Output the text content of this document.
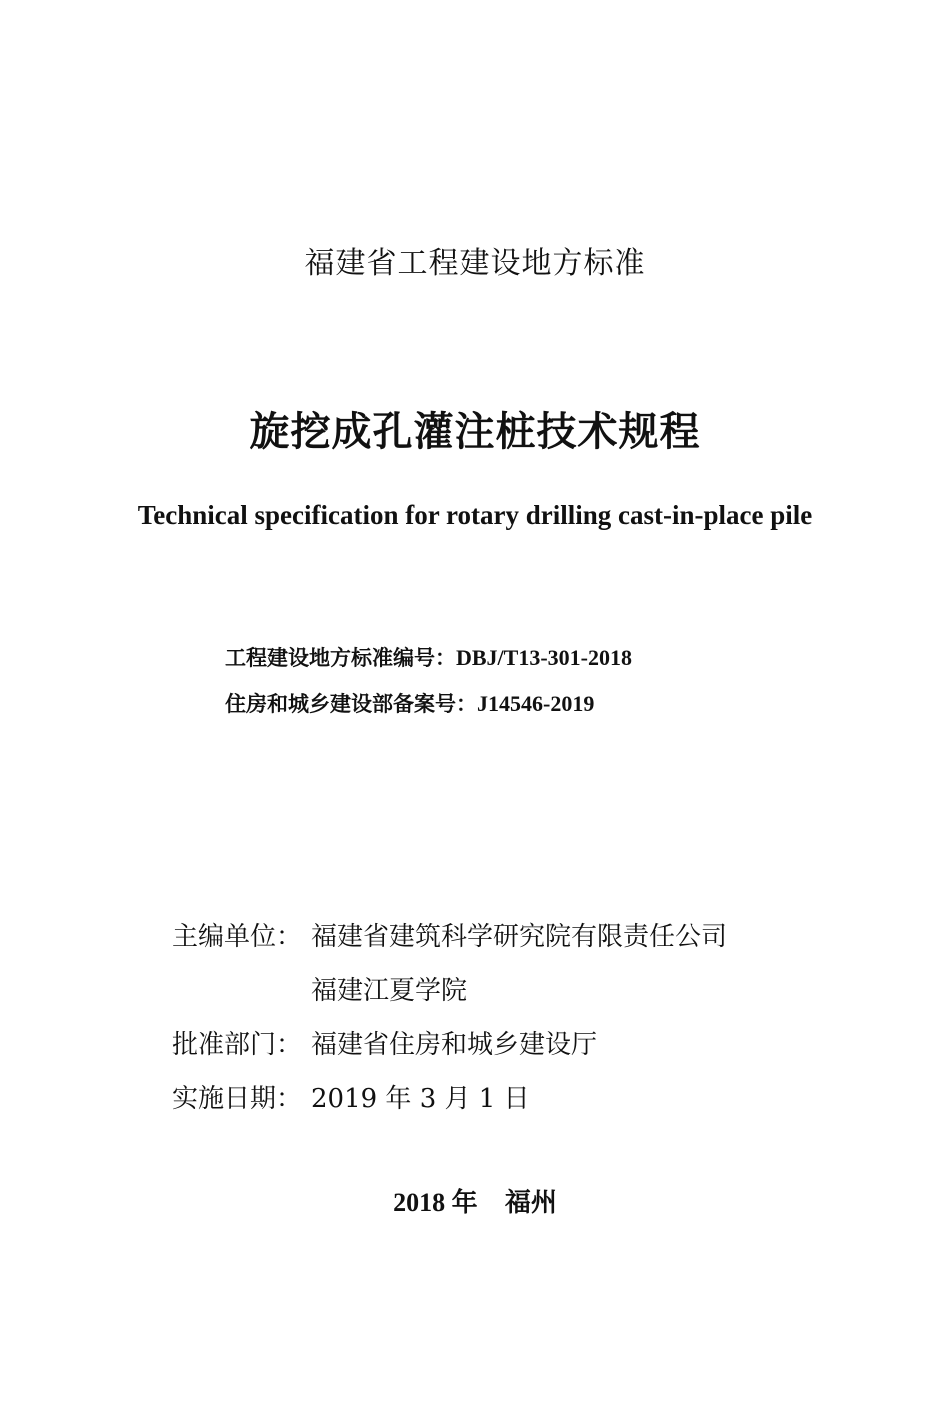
福建省工程建设地方标准
旋挖成孔灌注桩技术规程
Technical specification for rotary drilling cast-in-place pile
工程建设地方标准编号：DBJ/T13-301-2018
住房和城乡建设部备案号：J14546-2019
主编单位： 福建省建筑科学研究院有限责任公司
福建江夏学院
批准部门： 福建省住房和城乡建设厅
实施日期： 2019 年 3 月 1 日
2018 年 福州
